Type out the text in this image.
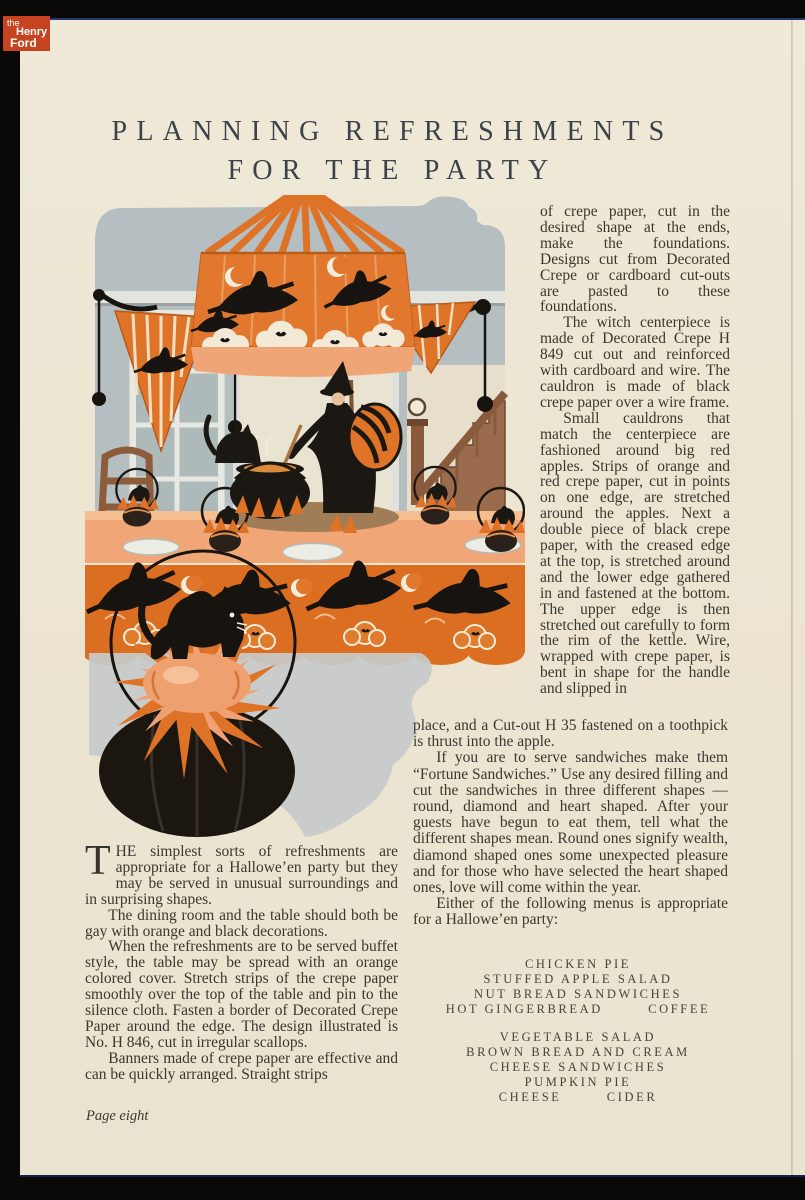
the
Henry
Ford
PLANNING REFRESHMENTS
FOR THE PARTY

of crepe paper, cut in the desired shape at the ends, make the foundations. Designs cut from Decorated Crepe or cardboard cut-outs are pasted to these foundations.

The witch centerpiece is made of Decorated Crepe H 849 cut out and reinforced with cardboard and wire. The cauldron is made of black crepe paper over a wire frame.

Small cauldrons that match the centerpiece are fashioned around big red apples. Strips of orange and red crepe paper, cut in points on one edge, are stretched around the apples. Next a double piece of black crepe paper, with the creased edge at the top, is stretched around and the lower edge gathered in and fastened at the bottom. The upper edge is then stretched out carefully to form the rim of the kettle. Wire, wrapped with crepe paper, is bent in shape for the handle and slipped in

place, and a Cut-out H 35 fastened on a toothpick is thrust into the apple.

If you are to serve sandwiches make them “Fortune Sandwiches.” Use any desired filling and cut the sandwiches in three different shapes — round, diamond and heart shaped. After your guests have begun to eat them, tell what the different shapes mean. Round ones signify wealth, diamond shaped ones some unexpected pleasure and for those who have selected the heart shaped ones, love will come within the year.

Either of the following menus is appropriate for a Hallowe’en party:

CHICKEN PIE
STUFFED APPLE SALAD
NUT BREAD SANDWICHES
HOT GINGERBREAD   COFFEE
VEGETABLE SALAD
BROWN BREAD AND CREAM
CHEESE SANDWICHES
PUMPKIN PIE
CHEESE   CIDER

THE simplest sorts of refreshments are appropriate for a Hallowe’en party but they may be served in unusual surroundings and in surprising shapes.

The dining room and the table should both be gay with orange and black decorations.

When the refreshments are to be served buffet style, the table may be spread with an orange colored cover. Stretch strips of the crepe paper smoothly over the top of the table and pin to the silence cloth. Fasten a border of Decorated Crepe Paper around the edge. The design illustrated is No. H 846, cut in irregular scallops.

Banners made of crepe paper are effective and can be quickly arranged. Straight strips

Page eight
